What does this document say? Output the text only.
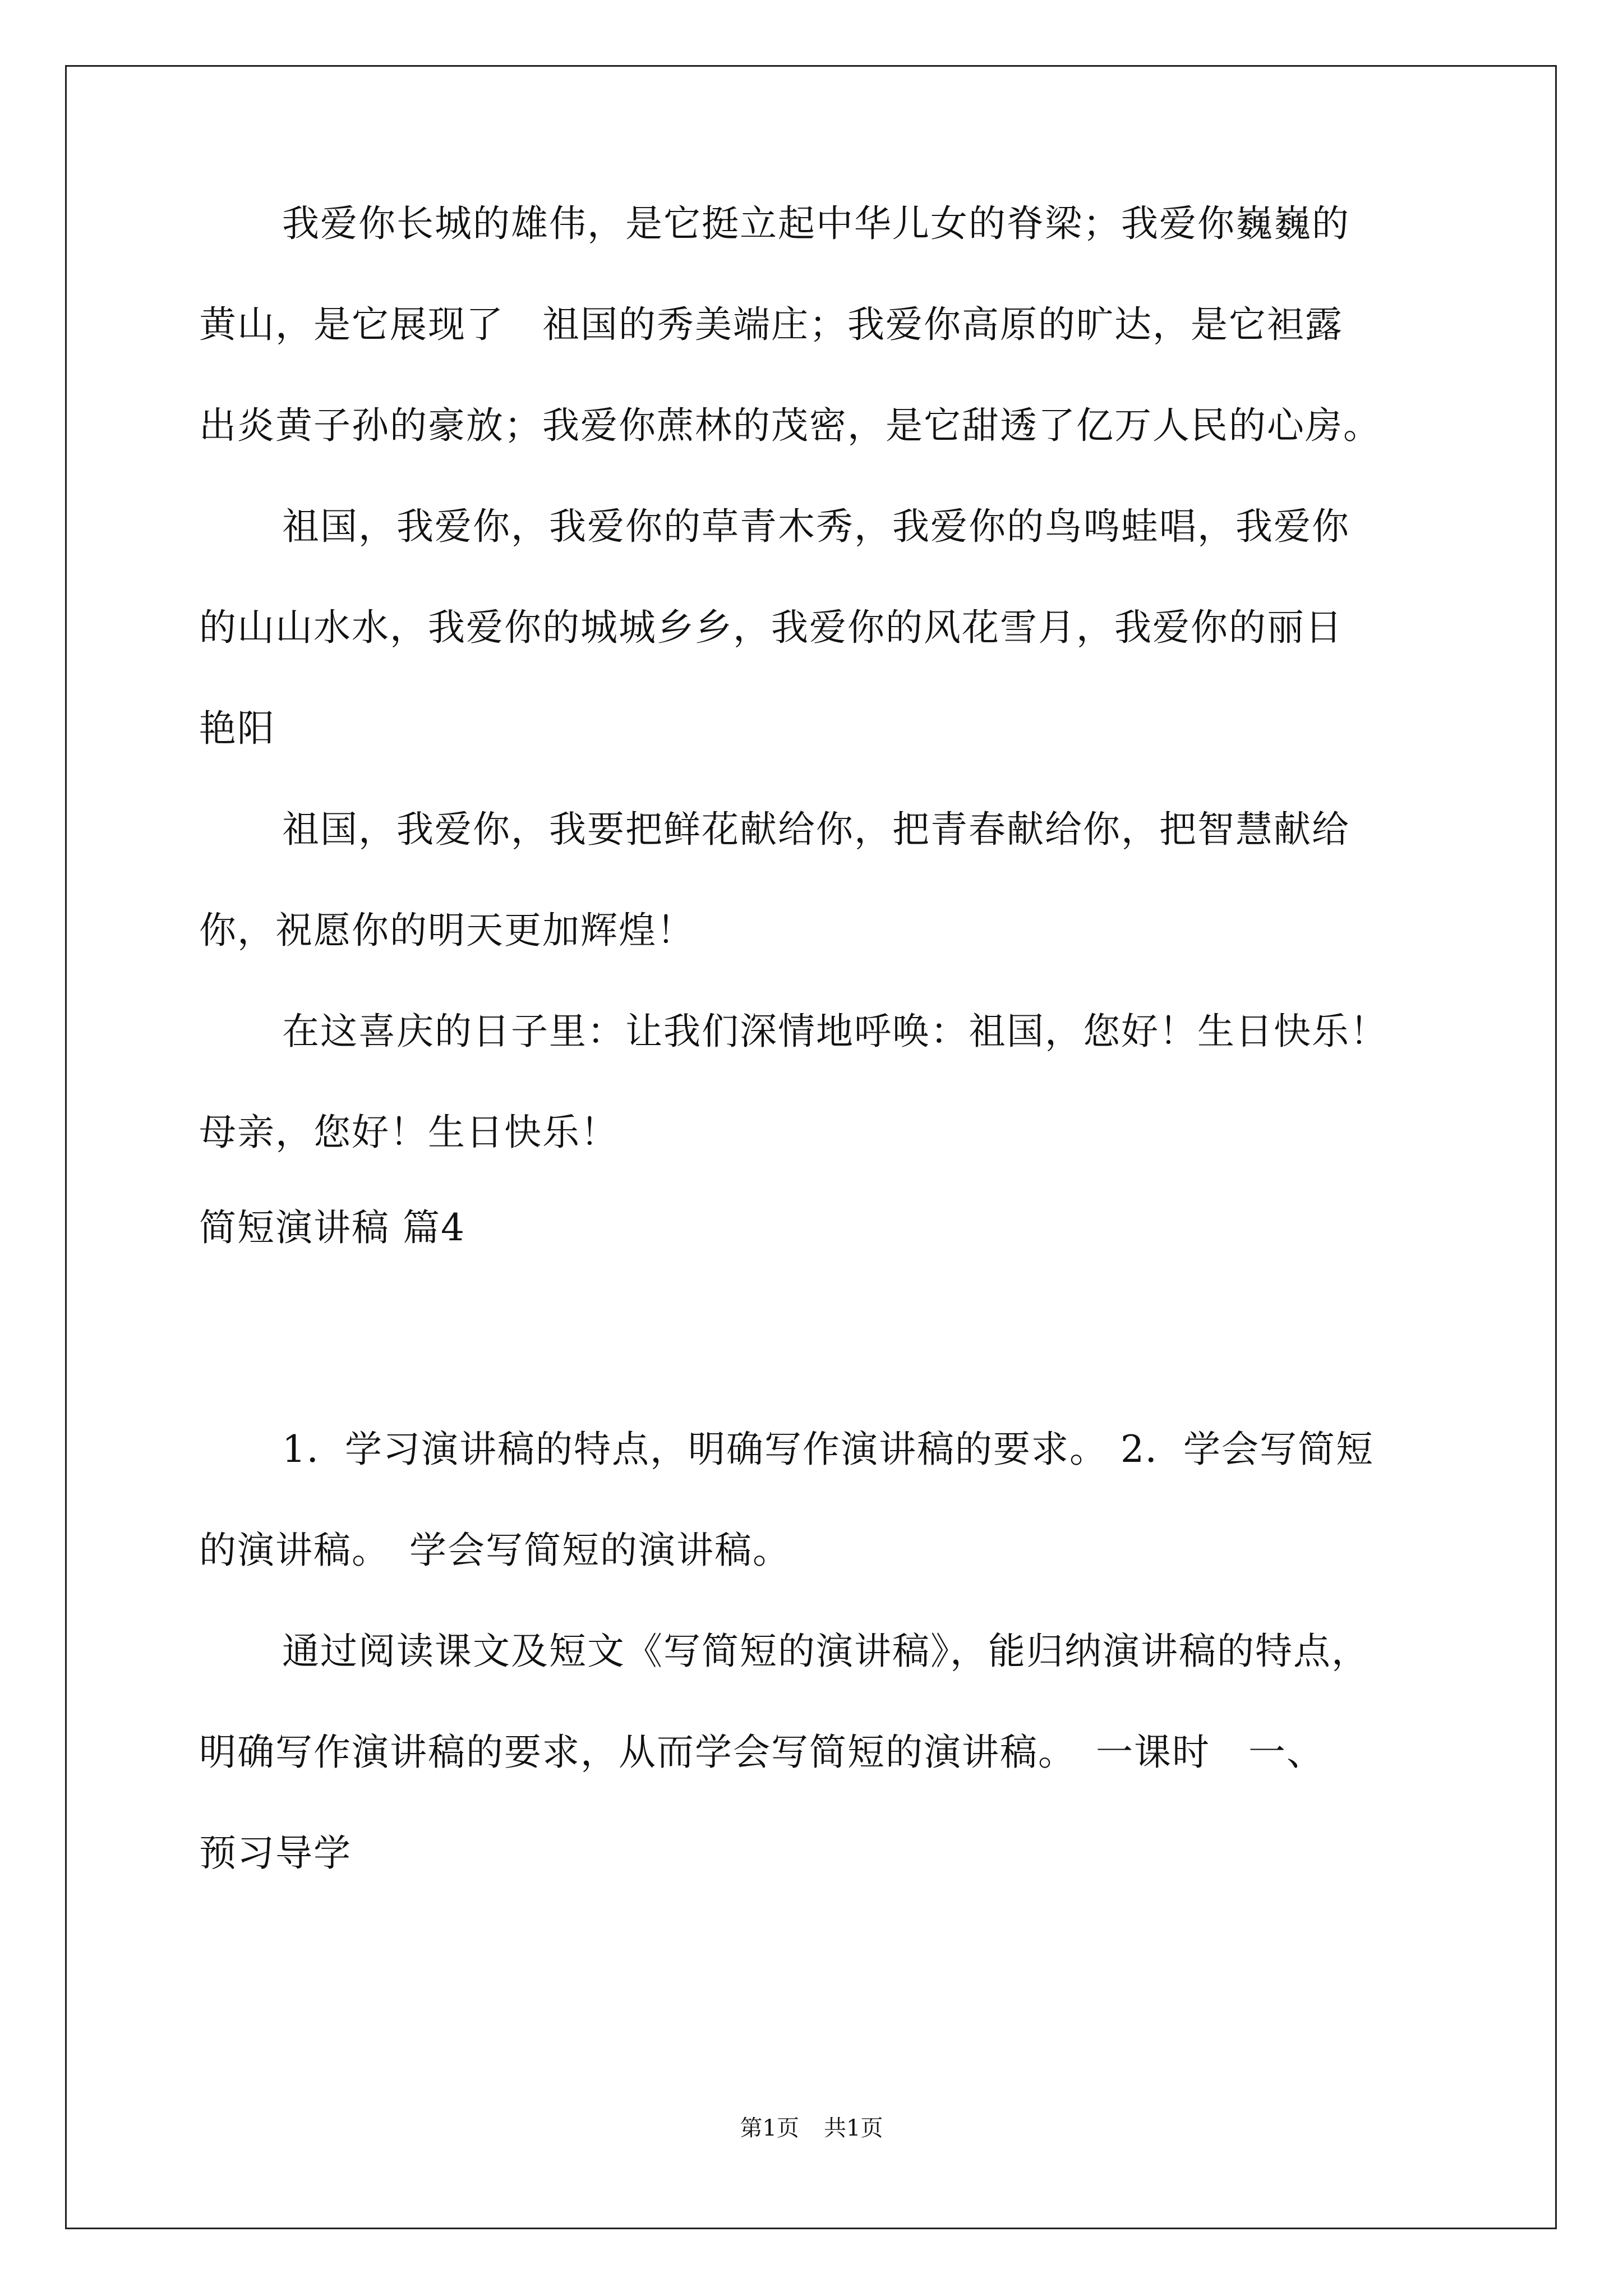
我爱你长城的雄伟，是它挺立起中华儿女的脊梁；我爱你巍巍的
黄山，是它展现了　祖国的秀美端庄；我爱你高原的旷达，是它袒露
出炎黄子孙的豪放；我爱你蔗林的茂密，是它甜透了亿万人民的心房。
祖国，我爱你，我爱你的草青木秀，我爱你的鸟鸣蛙唱，我爱你
的山山水水，我爱你的城城乡乡，我爱你的风花雪月，我爱你的丽日
艳阳
祖国，我爱你，我要把鲜花献给你，把青春献给你，把智慧献给
你，祝愿你的明天更加辉煌！
在这喜庆的日子里：让我们深情地呼唤：祖国，您好！生日快乐！
母亲，您好！生日快乐！
简短演讲稿 篇4
1．学习演讲稿的特点，明确写作演讲稿的要求。 2．学会写简短
的演讲稿。　学会写简短的演讲稿。
通过阅读课文及短文《写简短的演讲稿》，能归纳演讲稿的特点，
明确写作演讲稿的要求，从而学会写简短的演讲稿。　一课时　一、
预习导学
第1页 共1页
